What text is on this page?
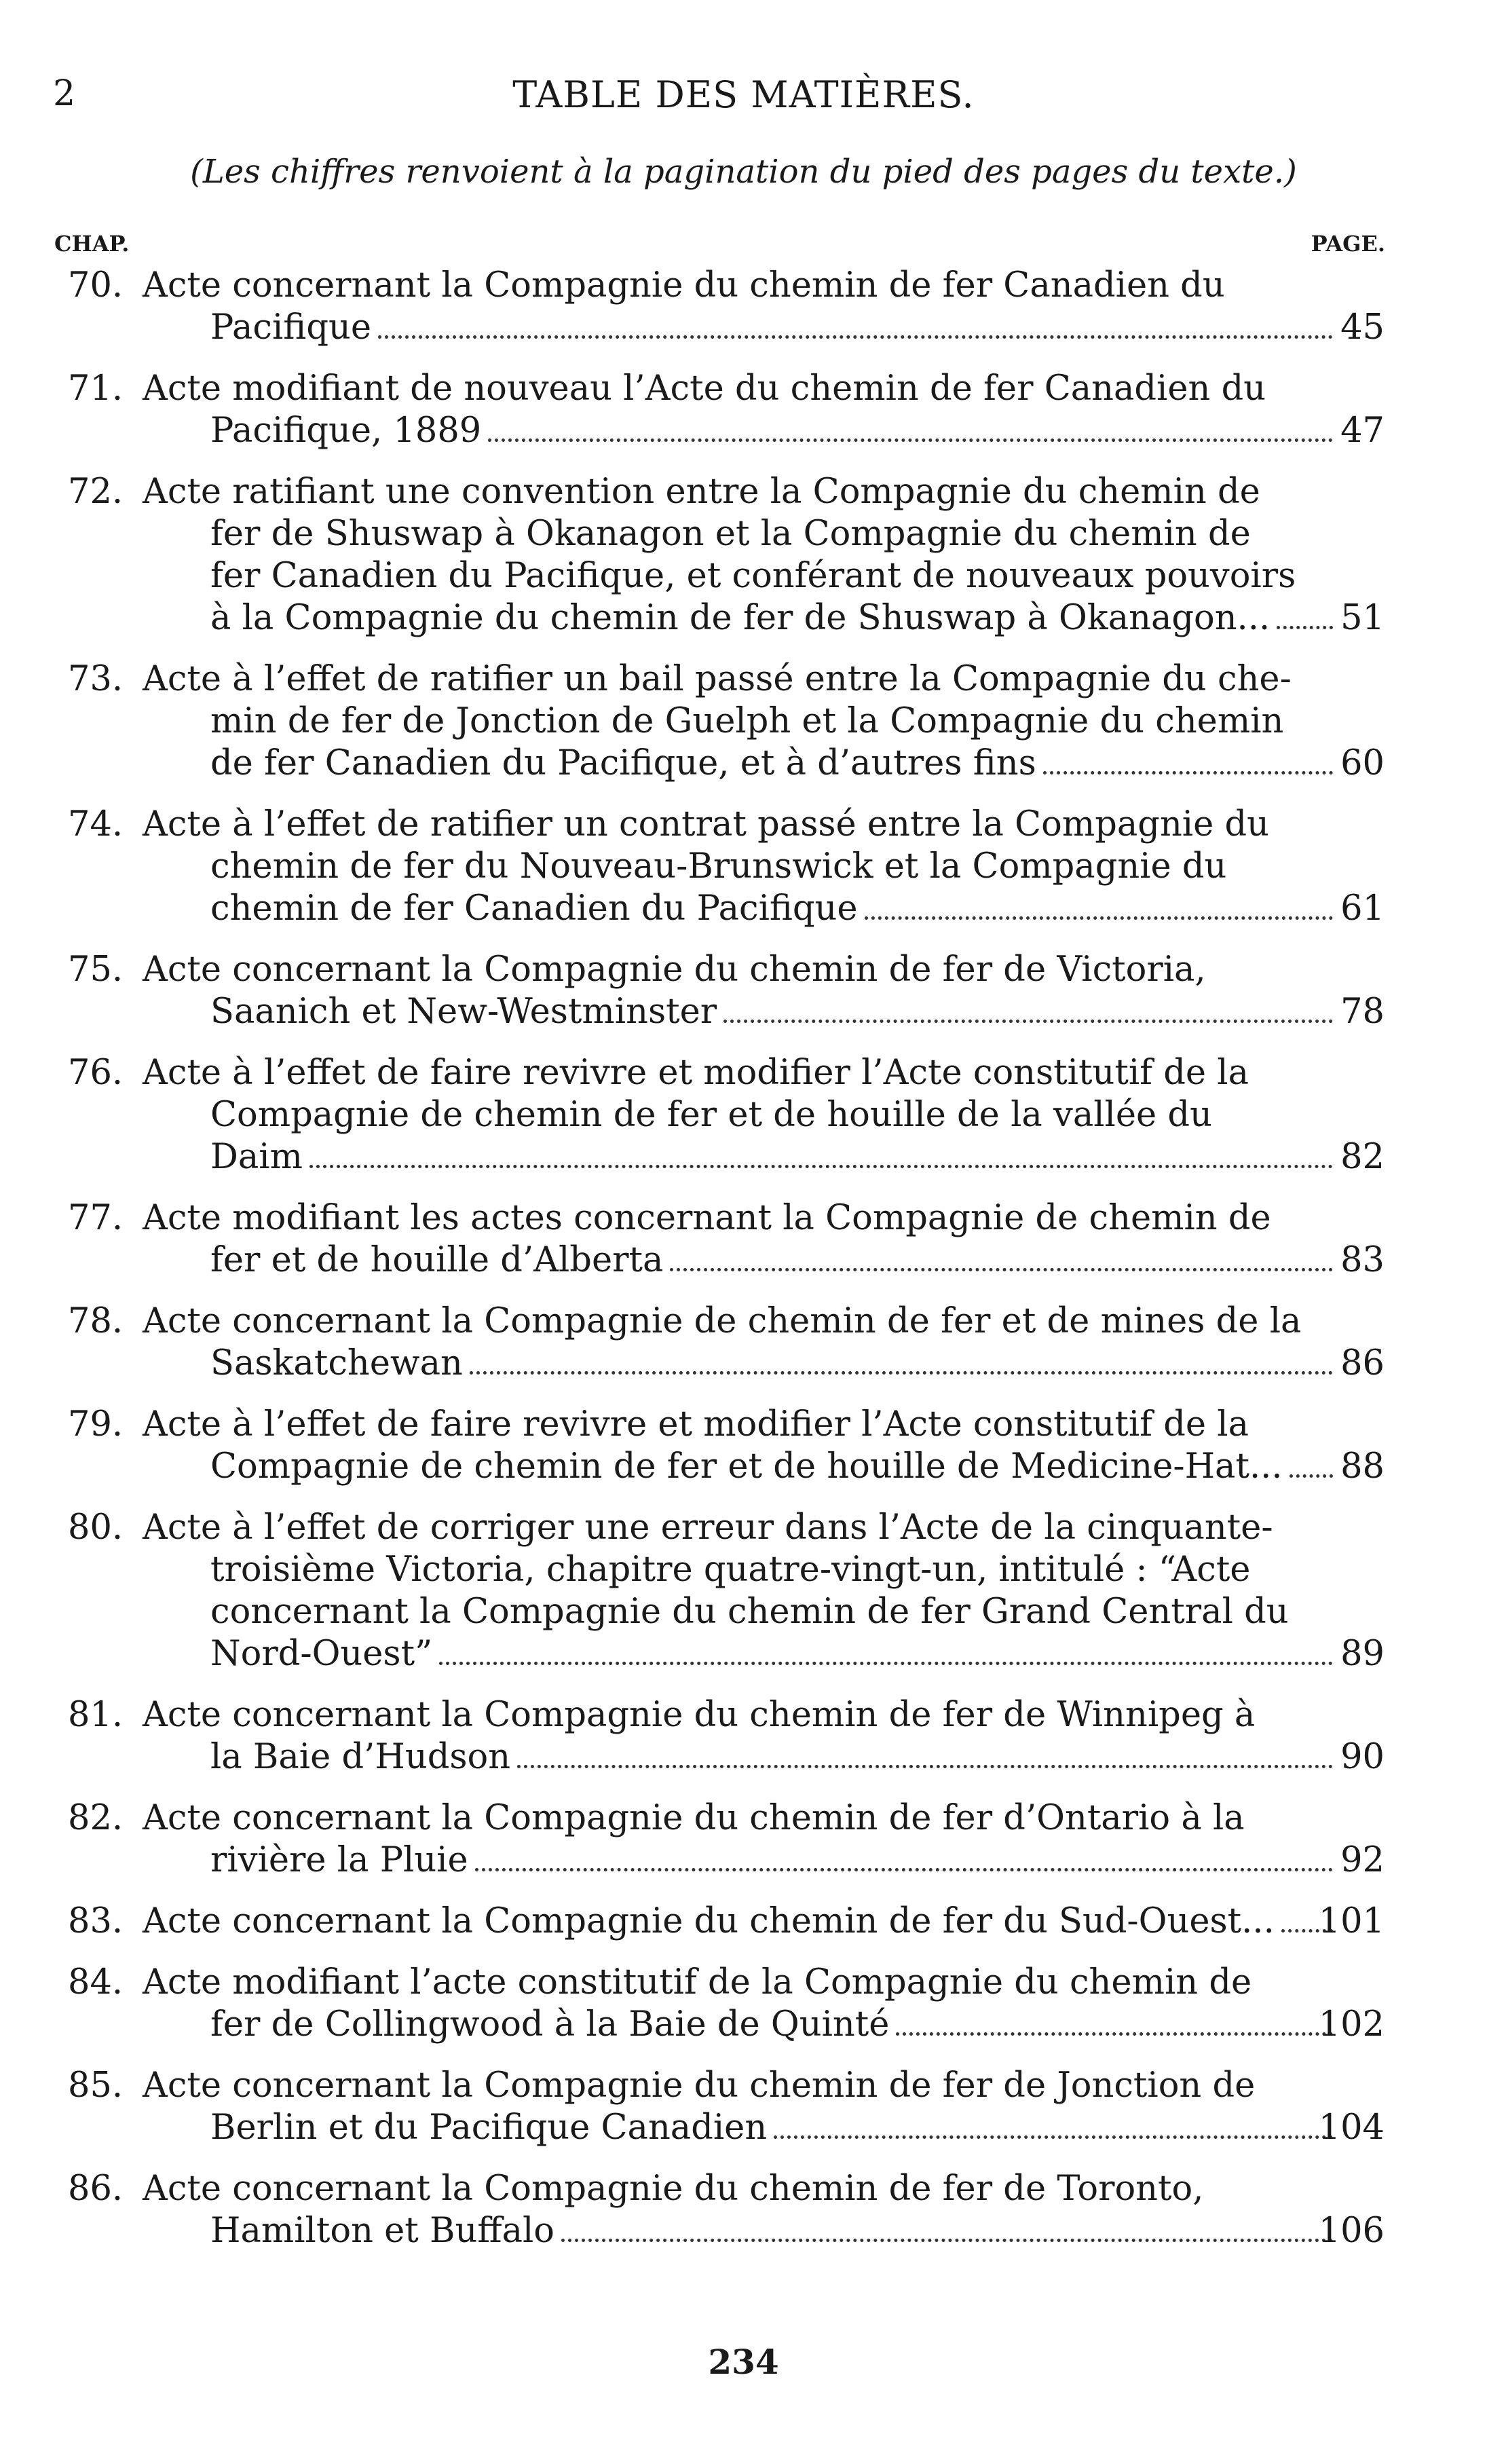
2	TABLE DES MATIÈRES.
(Les chiffres renvoient à la pagination du pied des pages du texte.)
CHAP.	PAGE.
70. Acte concernant la Compagnie du chemin de fer Canadien du
Pacifique	45
71. Acte modifiant de nouveau l’Acte du chemin de fer Canadien du
Pacifique, 1889	47
72. Acte ratifiant une convention entre la Compagnie du chemin de
fer de Shuswap à Okanagon et la Compagnie du chemin de
fer Canadien du Pacifique, et conférant de nouveaux pouvoirs
à la Compagnie du chemin de fer de Shuswap à Okanagon...	51
73. Acte à l’effet de ratifier un bail passé entre la Compagnie du che-
min de fer de Jonction de Guelph et la Compagnie du chemin
de fer Canadien du Pacifique, et à d’autres fins	60
74. Acte à l’effet de ratifier un contrat passé entre la Compagnie du
chemin de fer du Nouveau-Brunswick et la Compagnie du
chemin de fer Canadien du Pacifique	61
75. Acte concernant la Compagnie du chemin de fer de Victoria,
Saanich et New-Westminster	78
76. Acte à l’effet de faire revivre et modifier l’Acte constitutif de la
Compagnie de chemin de fer et de houille de la vallée du
Daim	82
77. Acte modifiant les actes concernant la Compagnie de chemin de
fer et de houille d’Alberta	83
78. Acte concernant la Compagnie de chemin de fer et de mines de la
Saskatchewan	86
79. Acte à l’effet de faire revivre et modifier l’Acte constitutif de la
Compagnie de chemin de fer et de houille de Medicine-Hat...	88
80. Acte à l’effet de corriger une erreur dans l’Acte de la cinquante-
troisième Victoria, chapitre quatre-vingt-un, intitulé : “Acte
concernant la Compagnie du chemin de fer Grand Central du
Nord-Ouest”	89
81. Acte concernant la Compagnie du chemin de fer de Winnipeg à
la Baie d’Hudson	90
82. Acte concernant la Compagnie du chemin de fer d’Ontario à la
rivière la Pluie	92
83. Acte concernant la Compagnie du chemin de fer du Sud-Ouest...	101
84. Acte modifiant l’acte constitutif de la Compagnie du chemin de
fer de Collingwood à la Baie de Quinté	102
85. Acte concernant la Compagnie du chemin de fer de Jonction de
Berlin et du Pacifique Canadien	104
86. Acte concernant la Compagnie du chemin de fer de Toronto,
Hamilton et Buffalo	106
234
